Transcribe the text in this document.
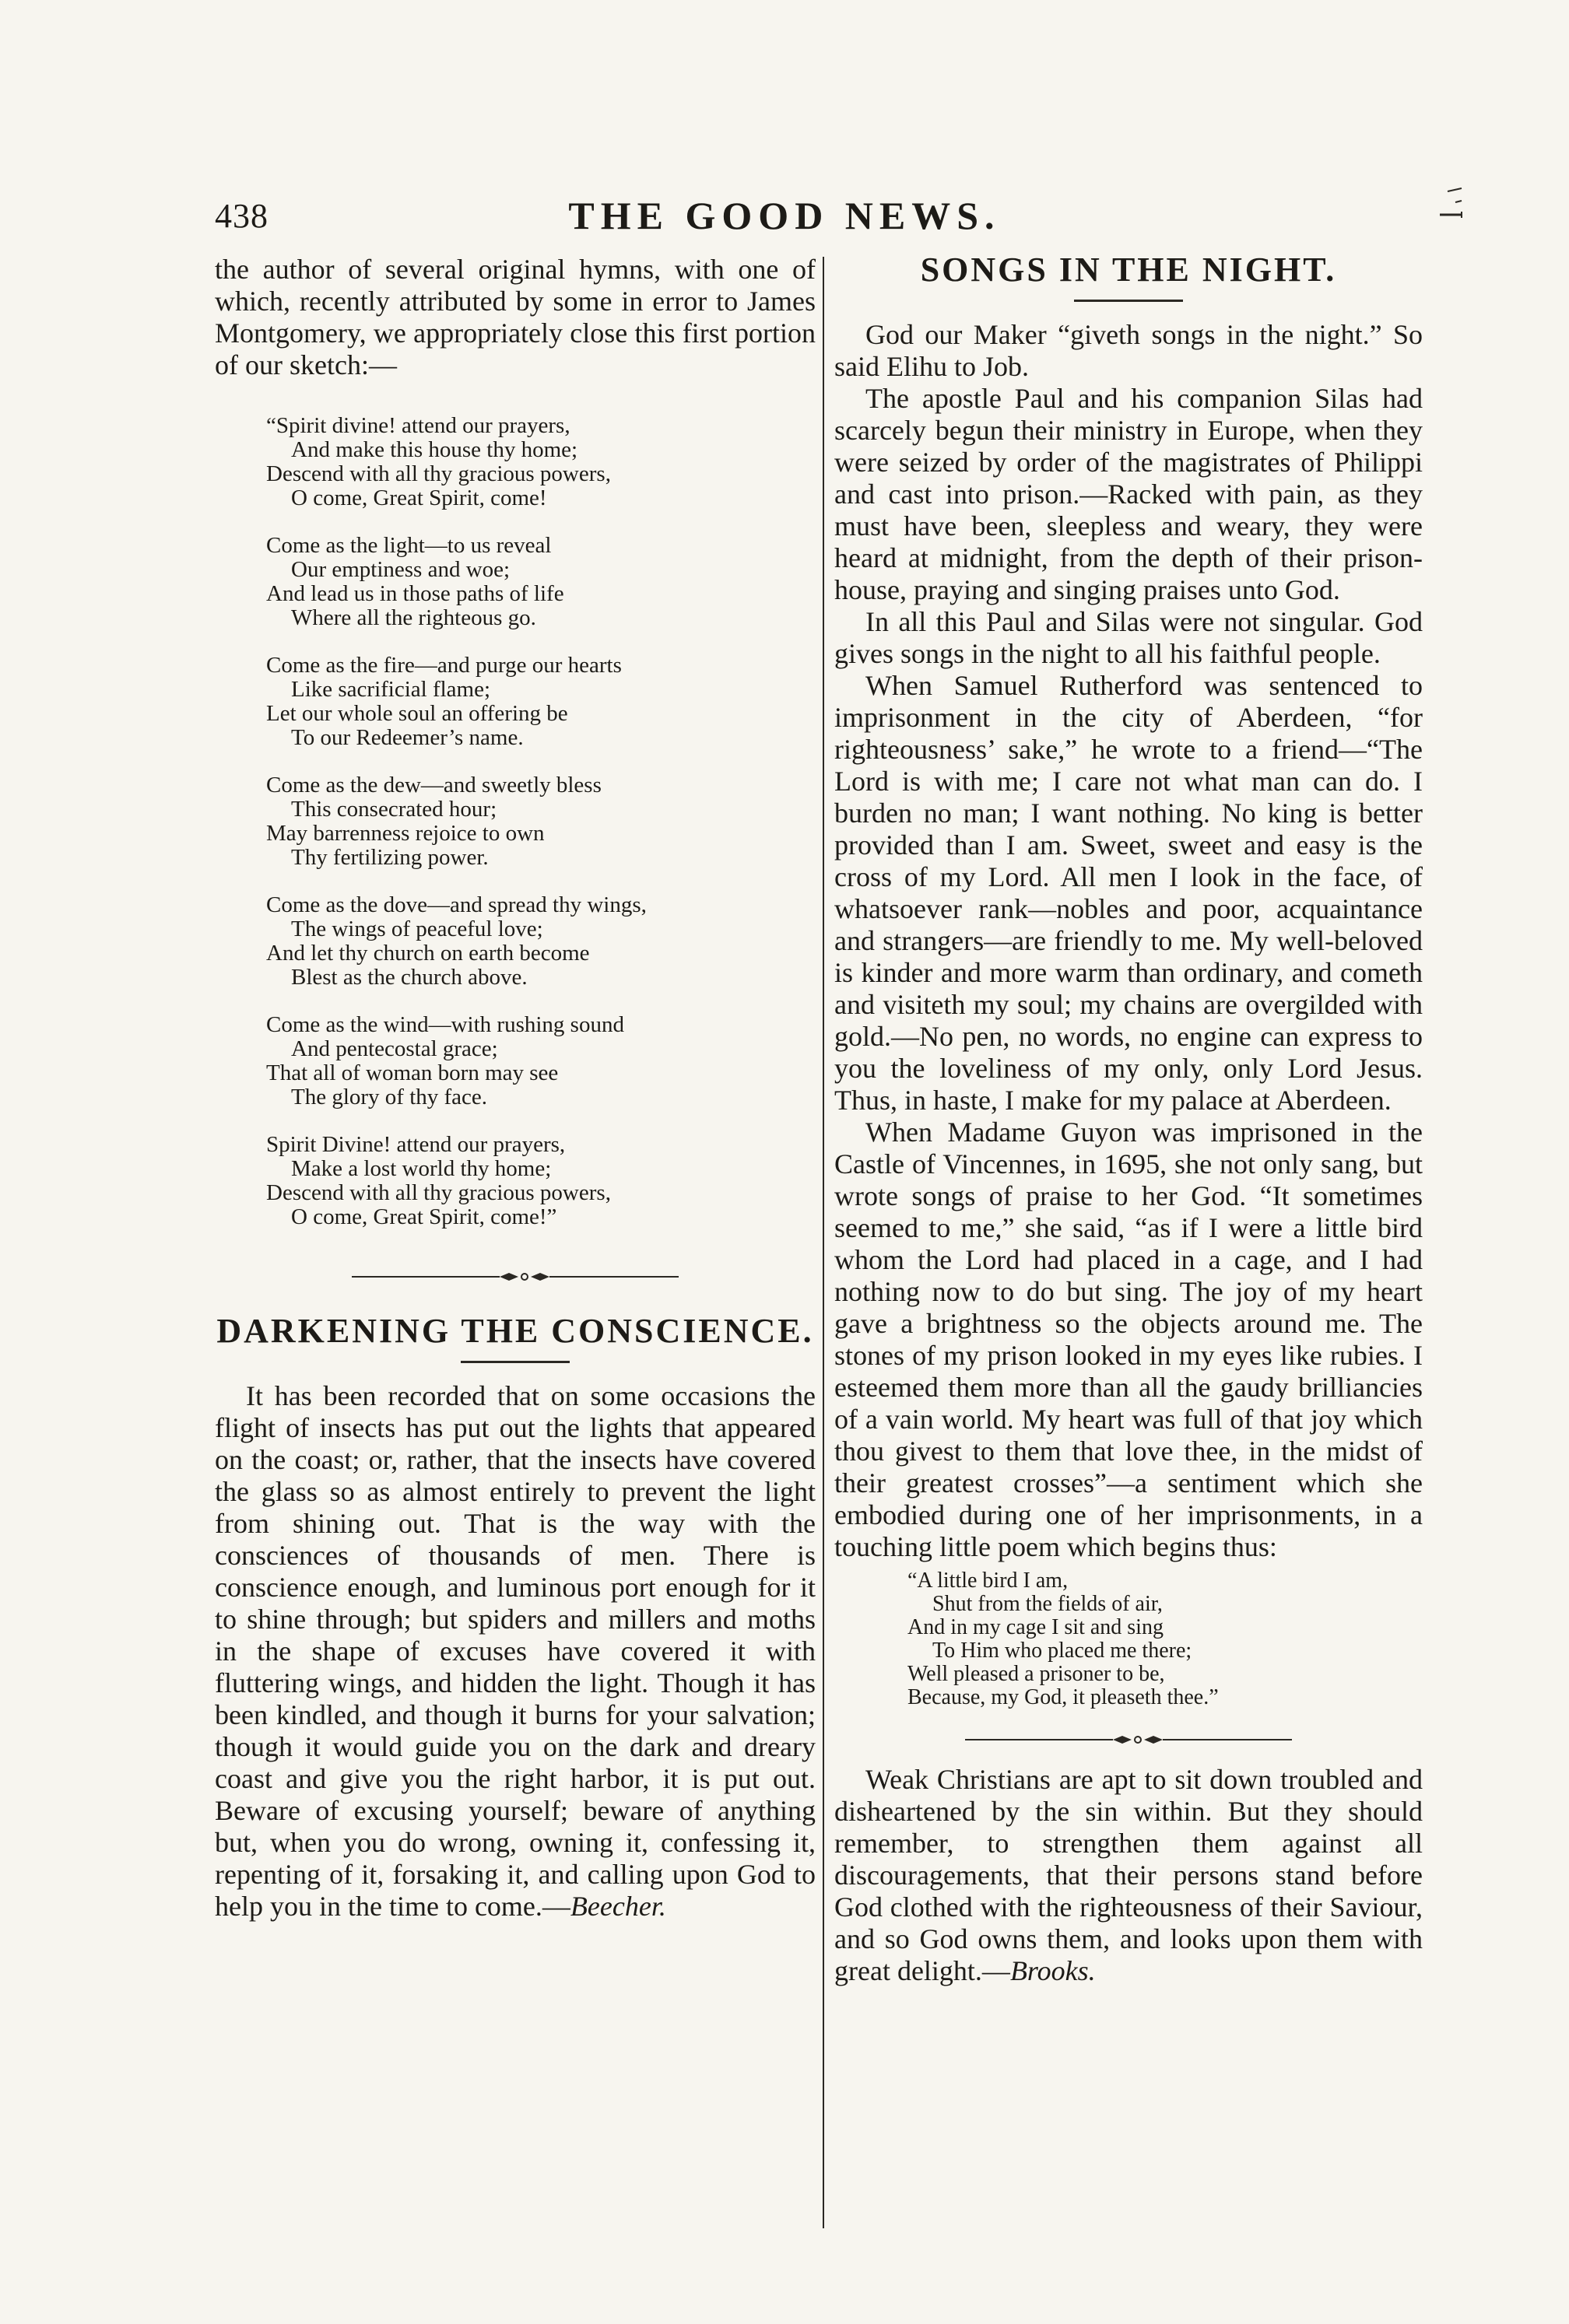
438	THE GOOD NEWS.

the author of several original hymns, with one of which, recently attributed by some in error to James Montgomery, we appropriately close this first portion of our sketch:—

“Spirit divine! attend our prayers,
And make this house thy home;
Descend with all thy gracious powers,
O come, Great Spirit, come!
Come as the light—to us reveal
Our emptiness and woe;
And lead us in those paths of life
Where all the righteous go.
Come as the fire—and purge our hearts
Like sacrificial flame;
Let our whole soul an offering be
To our Redeemer’s name.
Come as the dew—and sweetly bless
This consecrated hour;
May barrenness rejoice to own
Thy fertilizing power.
Come as the dove—and spread thy wings,
The wings of peaceful love;
And let thy church on earth become
Blest as the church above.
Come as the wind—with rushing sound
And pentecostal grace;
That all of woman born may see
The glory of thy face.
Spirit Divine! attend our prayers,
Make a lost world thy home;
Descend with all thy gracious powers,
O come, Great Spirit, come!”
DARKENING THE CONSCIENCE.

It has been recorded that on some occasions the flight of insects has put out the lights that appeared on the coast; or, rather, that the insects have covered the glass so as almost entirely to prevent the light from shining out. That is the way with the consciences of thousands of men. There is conscience enough, and luminous port enough for it to shine through; but spiders and millers and moths in the shape of excuses have covered it with fluttering wings, and hidden the light. Though it has been kindled, and though it burns for your salvation; though it would guide you on the dark and dreary coast and give you the right harbor, it is put out. Beware of excusing yourself; beware of anything but, when you do wrong, owning it, confessing it, repenting of it, forsaking it, and calling upon God to help you in the time to come.—Beecher.

SONGS IN THE NIGHT.

God our Maker “giveth songs in the night.” So said Elihu to Job.

The apostle Paul and his companion Silas had scarcely begun their ministry in Europe, when they were seized by order of the magistrates of Philippi and cast into prison.—Racked with pain, as they must have been, sleepless and weary, they were heard at midnight, from the depth of their prison-house, praying and singing praises unto God.

In all this Paul and Silas were not singular. God gives songs in the night to all his faithful people.

When Samuel Rutherford was sentenced to imprisonment in the city of Aberdeen, “for righteousness’ sake,” he wrote to a friend—“The Lord is with me; I care not what man can do. I burden no man; I want nothing. No king is better provided than I am. Sweet, sweet and easy is the cross of my Lord. All men I look in the face, of whatsoever rank—nobles and poor, acquaintance and strangers—are friendly to me. My well-beloved is kinder and more warm than ordinary, and cometh and visiteth my soul; my chains are overgilded with gold.—No pen, no words, no engine can express to you the loveliness of my only, only Lord Jesus. Thus, in haste, I make for my palace at Aberdeen.

When Madame Guyon was imprisoned in the Castle of Vincennes, in 1695, she not only sang, but wrote songs of praise to her God. “It sometimes seemed to me,” she said, “as if I were a little bird whom the Lord had placed in a cage, and I had nothing now to do but sing. The joy of my heart gave a brightness so the objects around me. The stones of my prison looked in my eyes like rubies. I esteemed them more than all the gaudy brilliancies of a vain world. My heart was full of that joy which thou givest to them that love thee, in the midst of their greatest crosses”—a sentiment which she embodied during one of her imprisonments, in a touching little poem which begins thus:

“A little bird I am,
Shut from the fields of air,
And in my cage I sit and sing
To Him who placed me there;
Well pleased a prisoner to be,
Because, my God, it pleaseth thee.”

Weak Christians are apt to sit down troubled and disheartened by the sin within. But they should remember, to strengthen them against all discouragements, that their persons stand before God clothed with the righteousness of their Saviour, and so God owns them, and looks upon them with great delight.—Brooks.
